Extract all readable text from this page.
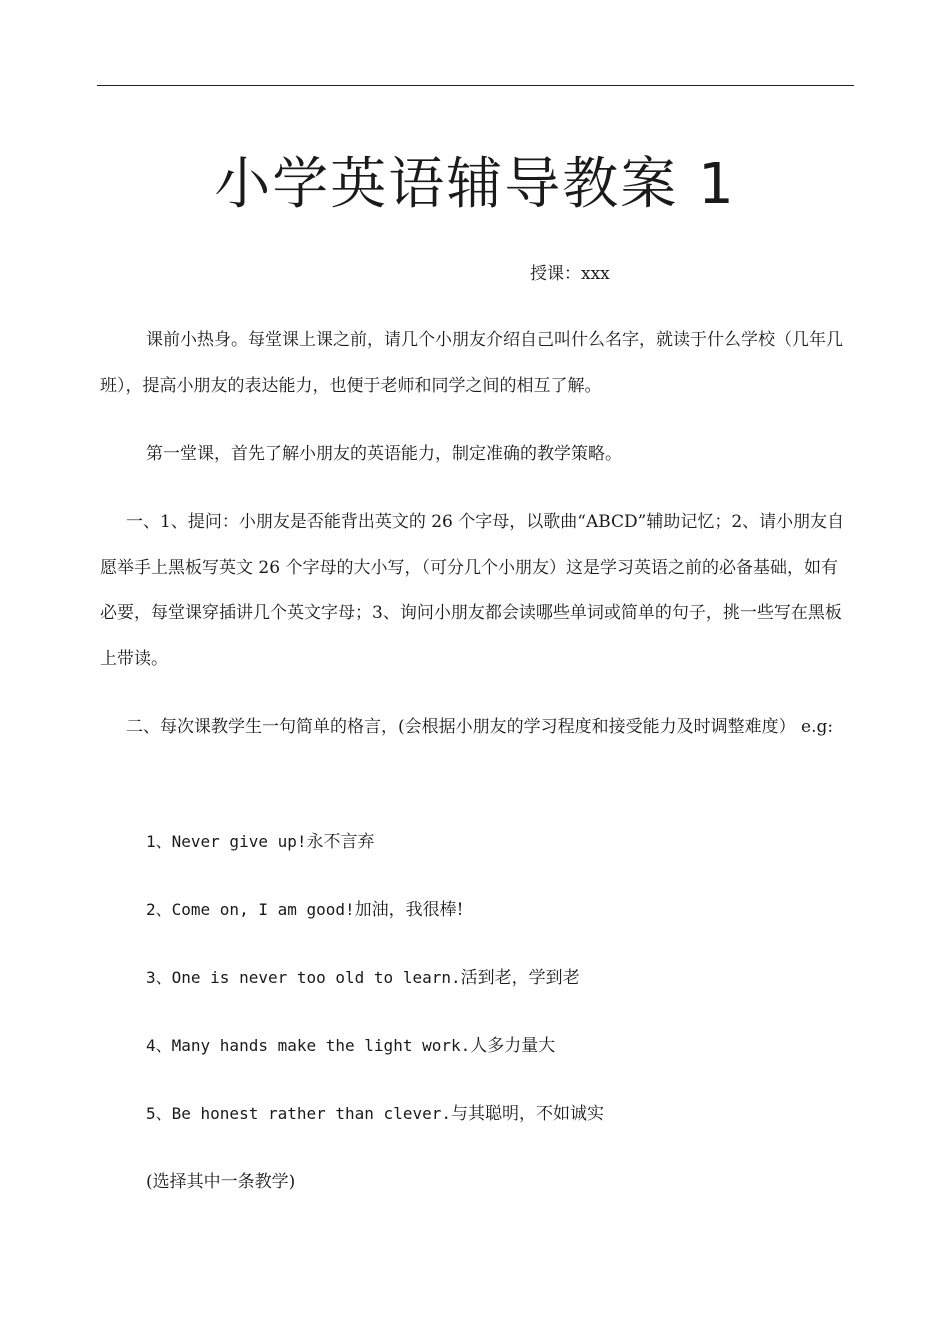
小学英语辅导教案 1
授课：xxx

课前小热身。每堂课上课之前，请几个小朋友介绍自己叫什么名字，就读于什么学校（几年几班），提高小朋友的表达能力，也便于老师和同学之间的相互了解。

第一堂课，首先了解小朋友的英语能力，制定准确的教学策略。

一、1、提问：小朋友是否能背出英文的 26 个字母，以歌曲“ABCD”辅助记忆；2、请小朋友自愿举手上黑板写英文 26 个字母的大小写，（可分几个小朋友）这是学习英语之前的必备基础，如有必要，每堂课穿插讲几个英文字母；3、询问小朋友都会读哪些单词或简单的句子，挑一些写在黑板上带读。

二、每次课教学生一句简单的格言，(会根据小朋友的学习程度和接受能力及时调整难度） e.g:

1、Never give up!永不言弃
2、Come on, I am good!加油，我很棒!
3、One is never too old to learn.活到老，学到老
4、Many hands make the light work.人多力量大
5、Be honest rather than clever.与其聪明，不如诚实
(选择其中一条教学)
